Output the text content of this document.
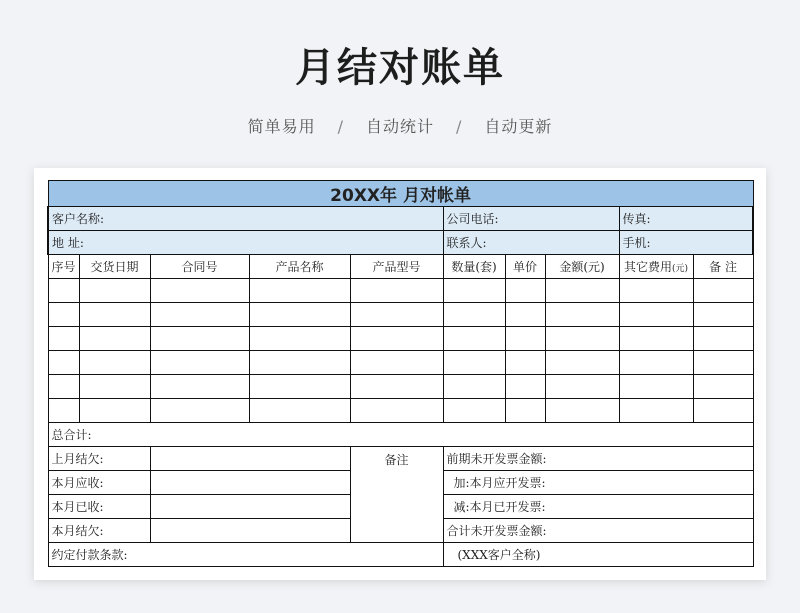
月结对账单
简单易用 / 自动统计 / 自动更新
20XX年 月对帐单									
客户名称:					公司电话:			传真:	
地 址:					联系人:			手机:	
序号	交货日期	合同号	产品名称	产品型号	数量(套)	单价	金额(元)	其它费用(元)	备 注

总合计:									
上月结欠:				备注	前期未开发票金额:				
本月应收:					加:本月应开发票:				
本月已收:					减:本月已开发票:				
本月结欠:					合计未开发票金额:				
约定付款条款:					(XXX客户全称)				
